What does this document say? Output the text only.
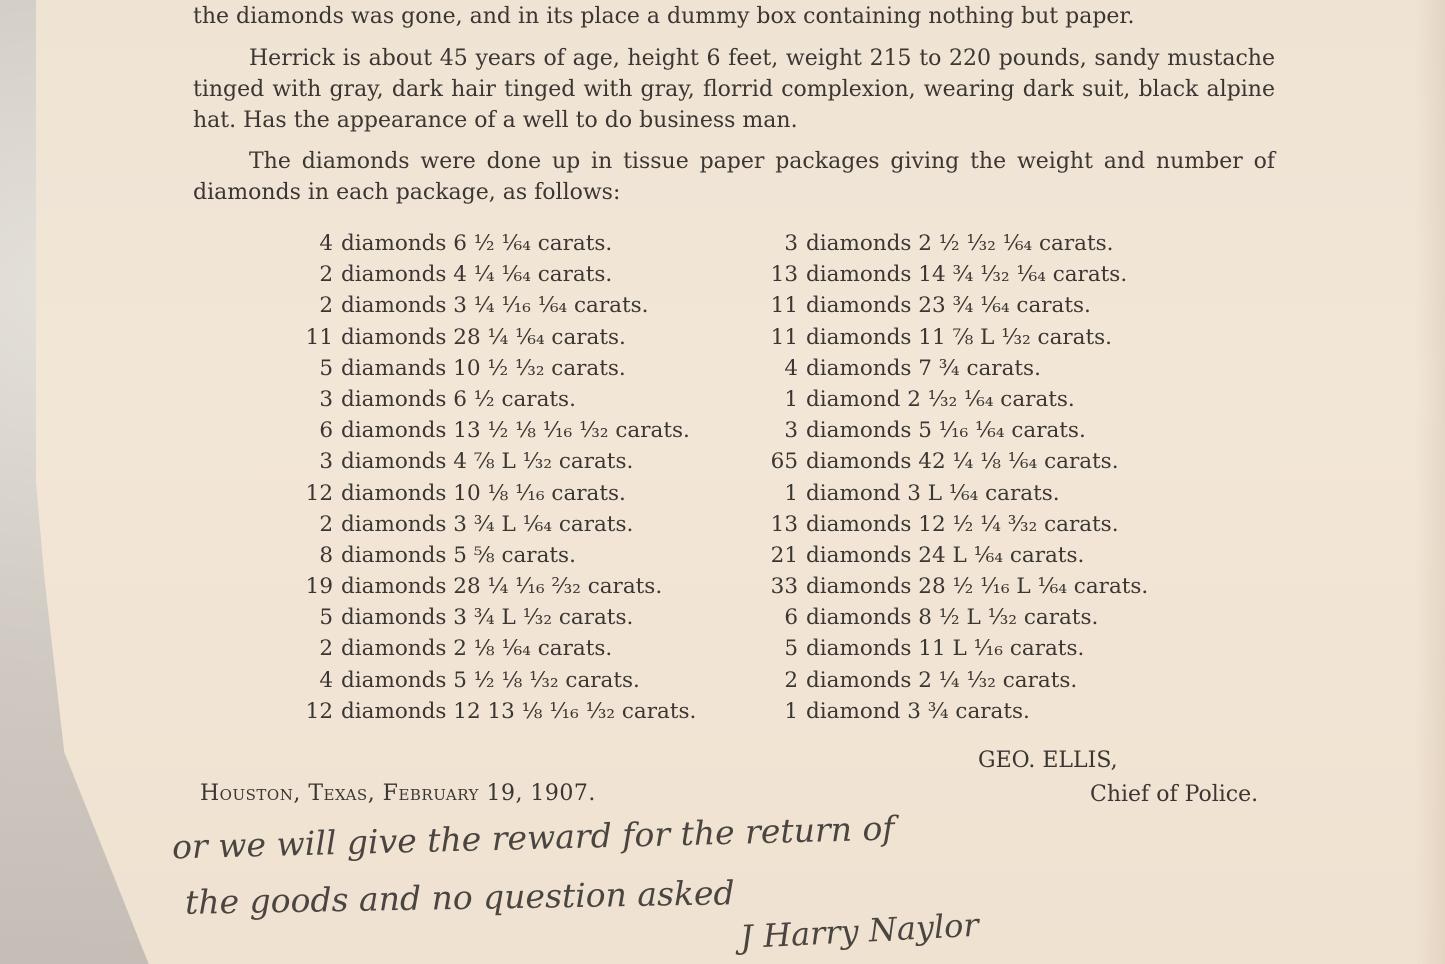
the diamonds was gone, and in its place a dummy box containing nothing but paper.

Herrick is about 45 years of age, height 6 feet, weight 215 to 220 pounds, sandy mustache tinged with gray, dark hair tinged with gray, florrid complexion, wearing dark suit, black alpine hat. Has the appearance of a well to do business man.

The diamonds were done up in tissue paper packages giving the weight and number of diamonds in each package, as follows:

4 diamonds 6 ½ ¹⁄₆₄ carats.
2 diamonds 4 ¼ ¹⁄₆₄ carats.
2 diamonds 3 ¼ ¹⁄₁₆ ¹⁄₆₄ carats.
11 diamonds 28 ¼ ¹⁄₆₄ carats.
5 diamands 10 ½ ¹⁄₃₂ carats.
3 diamonds 6 ½ carats.
6 diamonds 13 ½ ⅛ ¹⁄₁₆ ¹⁄₃₂ carats.
3 diamonds 4 ⅞ L ¹⁄₃₂ carats.
12 diamonds 10 ⅛ ¹⁄₁₆ carats.
2 diamonds 3 ¾ L ¹⁄₆₄ carats.
8 diamonds 5 ⅝ carats.
19 diamonds 28 ¼ ¹⁄₁₆ ²⁄₃₂ carats.
5 diamonds 3 ¾ L ¹⁄₃₂ carats.
2 diamonds 2 ⅛ ¹⁄₆₄ carats.
4 diamonds 5 ½ ⅛ ¹⁄₃₂ carats.
12 diamonds 12 13 ⅛ ¹⁄₁₆ ¹⁄₃₂ carats.
3 diamonds 2 ½ ¹⁄₃₂ ¹⁄₆₄ carats.
13 diamonds 14 ¾ ¹⁄₃₂ ¹⁄₆₄ carats.
11 diamonds 23 ¾ ¹⁄₆₄ carats.
11 diamonds 11 ⅞ L ¹⁄₃₂ carats.
4 diamonds 7 ¾ carats.
1 diamond 2 ¹⁄₃₂ ¹⁄₆₄ carats.
3 diamonds 5 ¹⁄₁₆ ¹⁄₆₄ carats.
65 diamonds 42 ¼ ⅛ ¹⁄₆₄ carats.
1 diamond 3 L ¹⁄₆₄ carats.
13 diamonds 12 ½ ¼ ³⁄₃₂ carats.
21 diamonds 24 L ¹⁄₆₄ carats.
33 diamonds 28 ½ ¹⁄₁₆ L ¹⁄₆₄ carats.
6 diamonds 8 ½ L ¹⁄₃₂ carats.
5 diamonds 11 L ¹⁄₁₆ carats.
2 diamonds 2 ¼ ¹⁄₃₂ carats.
1 diamond 3 ¾ carats.
Houston, Texas, February 19, 1907.
GEO. ELLIS,
Chief of Police.
or we will give the reward for the return of
the goods and no question asked
J Harry Naylor
